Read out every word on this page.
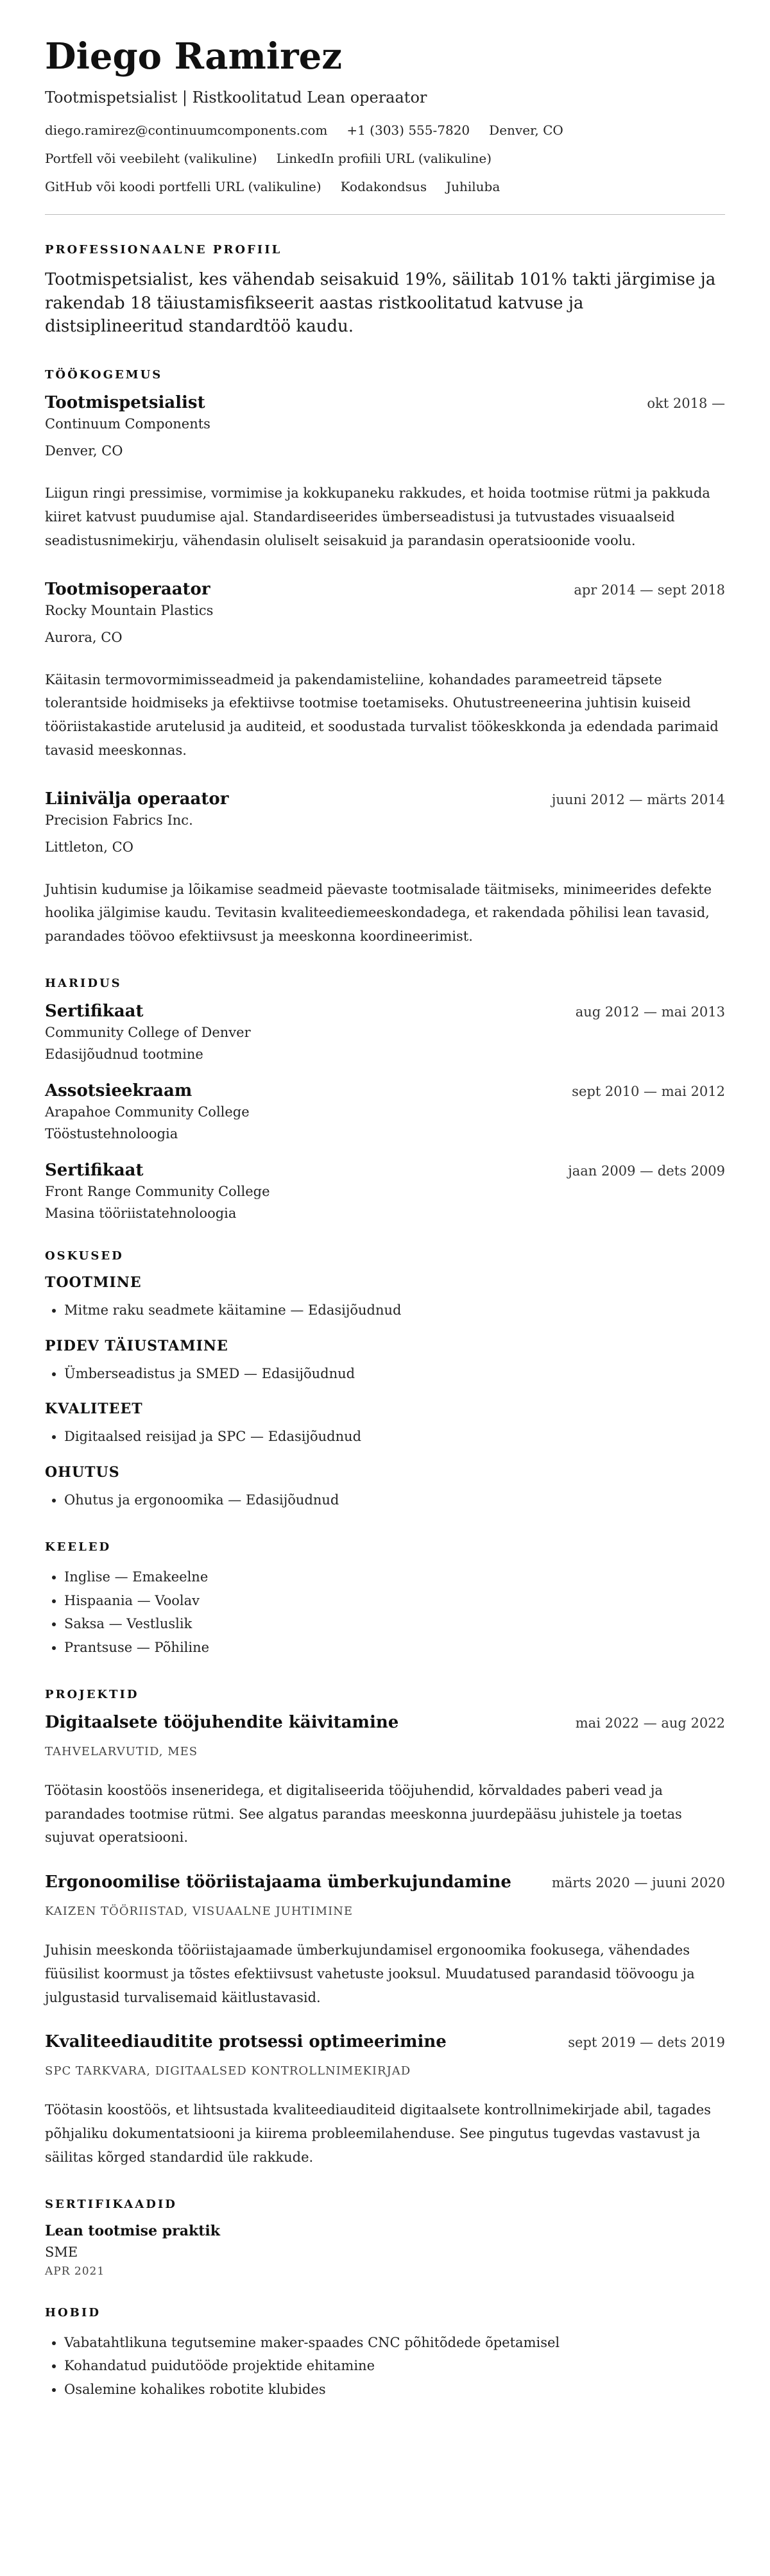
Diego Ramirez
Tootmispetsialist | Ristkoolitatud Lean operaator
diego.ramirez@continuumcomponents.com +1 (303) 555-7820 Denver, CO
Portfell või veebileht (valikuline) LinkedIn profiili URL (valikuline)
GitHub või koodi portfelli URL (valikuline) Kodakondsus Juhiluba
PROFESSIONAALNE PROFIIL
Tootmispetsialist, kes vähendab seisakuid 19%, säilitab 101% takti järgimise ja rakendab 18 täiustamisfikseerit aastas ristkoolitatud katvuse ja distsiplineeritud standardtöö kaudu.
TÖÖKOGEMUS
Tootmispetsialist	okt 2018 —
Continuum Components
Denver, CO
Liigun ringi pressimise, vormimise ja kokkupaneku rakkudes, et hoida tootmise rütmi ja pakkuda kiiret katvust puudumise ajal. Standardiseerides ümberseadistusi ja tutvustades visuaalseid seadistusnimekirju, vähendasin oluliselt seisakuid ja parandasin operatsioonide voolu.
Tootmisoperaator	apr 2014 — sept 2018
Rocky Mountain Plastics
Aurora, CO
Käitasin termovormimisseadmeid ja pakendamisteliine, kohandades parameetreid täpsete tolerantside hoidmiseks ja efektiivse tootmise toetamiseks. Ohutustreeneerina juhtisin kuiseid tööriistakastide arutelusid ja auditeid, et soodustada turvalist töökeskkonda ja edendada parimaid tavasid meeskonnas.
Liinivälja operaator	juuni 2012 — märts 2014
Precision Fabrics Inc.
Littleton, CO
Juhtisin kudumise ja lõikamise seadmeid päevaste tootmisalade täitmiseks, minimeerides defekte hoolika jälgimise kaudu. Tevitasin kvaliteediemeeskondadega, et rakendada põhilisi lean tavasid, parandades töövoo efektiivsust ja meeskonna koordineerimist.
HARIDUS
Sertifikaat	aug 2012 — mai 2013
Community College of Denver
Edasijõudnud tootmine
Assotsieekraam	sept 2010 — mai 2012
Arapahoe Community College
Tööstustehnoloogia
Sertifikaat	jaan 2009 — dets 2009
Front Range Community College
Masina tööriistatehnoloogia
OSKUSED
TOOTMINE
• Mitme raku seadmete käitamine — Edasijõudnud
PIDEV TÄIUSTAMINE
• Ümberseadistus ja SMED — Edasijõudnud
KVALITEET
• Digitaalsed reisijad ja SPC — Edasijõudnud
OHUTUS
• Ohutus ja ergonoomika — Edasijõudnud
KEELED
• Inglise — Emakeelne
• Hispaania — Voolav
• Saksa — Vestluslik
• Prantsuse — Põhiline
PROJEKTID
Digitaalsete tööjuhendite käivitamine	mai 2022 — aug 2022
TAHVELARVUTID, MES
Töötasin koostöös inseneridega, et digitaliseerida tööjuhendid, kõrvaldades paberi vead ja parandades tootmise rütmi. See algatus parandas meeskonna juurdepääsu juhistele ja toetas sujuvat operatsiooni.
Ergonoomilise tööriistajaama ümberkujundamine	märts 2020 — juuni 2020
KAIZEN TÖÖRIISTAD, VISUAALNE JUHTIMINE
Juhisin meeskonda tööriistajaamade ümberkujundamisel ergonoomika fookusega, vähendades füüsilist koormust ja tõstes efektiivsust vahetuste jooksul. Muudatused parandasid töövoogu ja julgustasid turvalisemaid käitlustavasid.
Kvaliteediauditite protsessi optimeerimine	sept 2019 — dets 2019
SPC TARKVARA, DIGITAALSED KONTROLLNIMEKIRJAD
Töötasin koostöös, et lihtsustada kvaliteediauditeid digitaalsete kontrollnimekirjade abil, tagades põhjaliku dokumentatsiooni ja kiirema probleemilahenduse. See pingutus tugevdas vastavust ja säilitas kõrged standardid üle rakkude.
SERTIFIKAADID
Lean tootmise praktik
SME
APR 2021
HOBID
• Vabatahtlikuna tegutsemine maker-spaades CNC põhitõdede õpetamisel
• Kohandatud puidutööde projektide ehitamine
• Osalemine kohalikes robotite klubides
